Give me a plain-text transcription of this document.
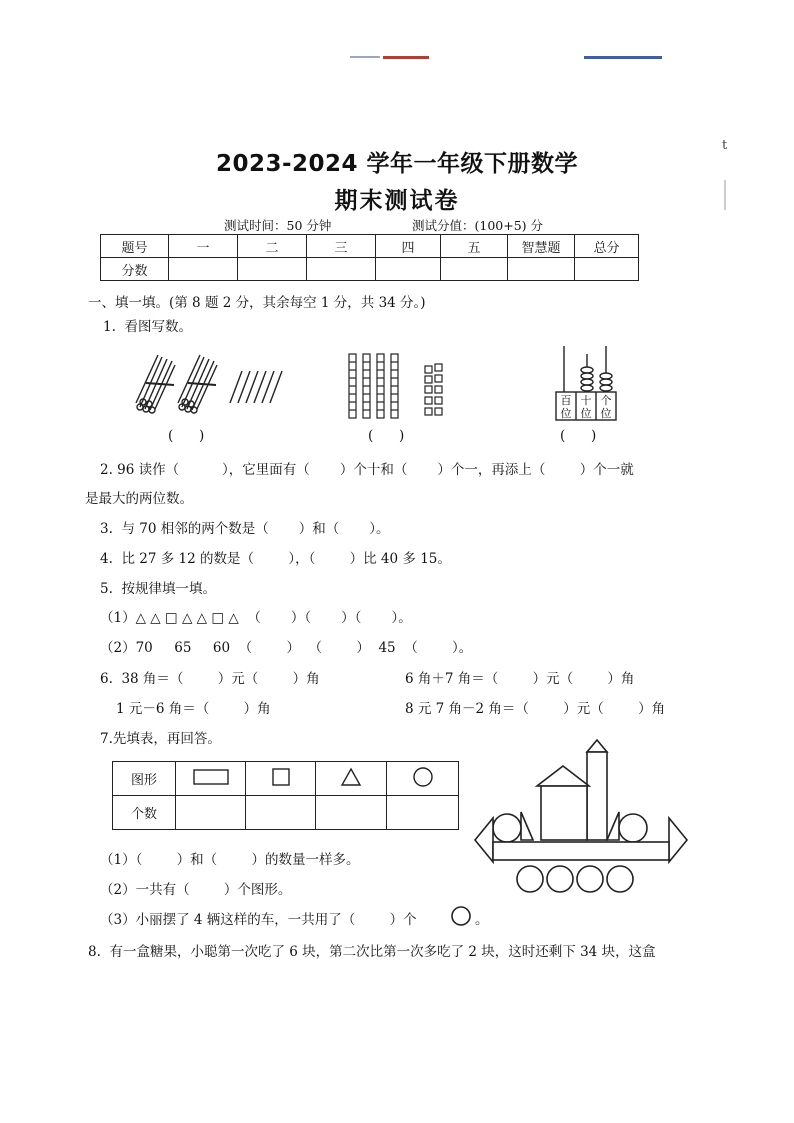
2023-2024 学年一年级下册数学
期末测试卷
测试时间：50 分钟	测试分值：(100+5) 分
题号	一	二	三	四	五	智慧题	总分
分数							
一、填一填。(第 8 题 2 分，其余每空 1 分，共 34 分。)
1.  看图写数。
(      )	(      )
百
位
十
位
个
位
(      )
2. 96 读作（          ），它里面有（       ）个十和（       ）个一，再添上（        ）个一就
是最大的两位数。
3.  与 70 相邻的两个数是（       ）和（       ）。
4.  比 27 多 12 的数是（        ），（        ）比 40 多 15。
5.  按规律填一填。
（1）△ △ □ △ △ □ △  （       ）（       ）（       ）。
（2）70     65     60  （        ）  （        ）  45  （        ）。
6.  38 角＝（        ）元（        ）角	6 角＋7 角＝（        ）元（        ）角
1 元－6 角＝（        ）角	8 元 7 角－2 角＝（        ）元（        ）角
7.先填表，再回答。
图形				
个数				
（1）（        ）和（        ）的数量一样多。
（2）一共有（        ）个图形。
（3）小丽摆了 4 辆这样的车，一共用了（        ）个	。
8.  有一盒糖果，小聪第一次吃了 6 块，第二次比第一次多吃了 2 块，这时还剩下 34 块，这盒
t
